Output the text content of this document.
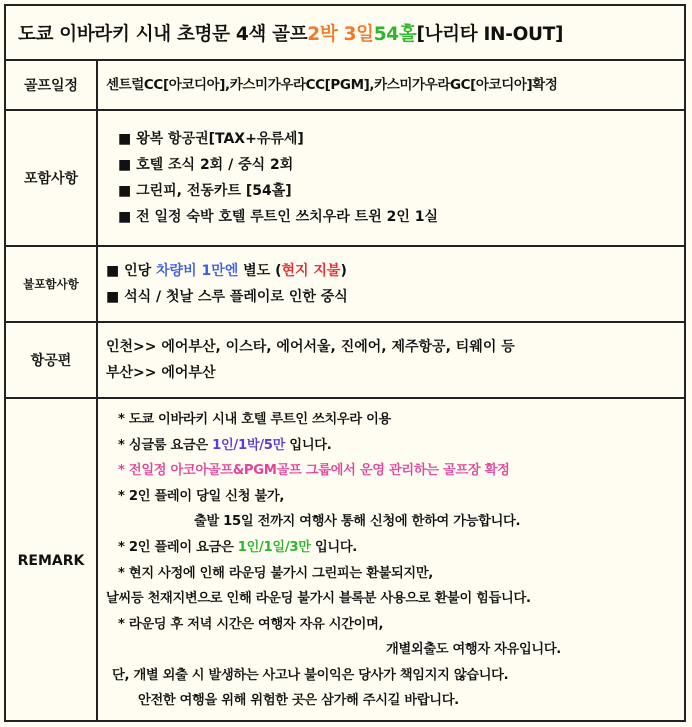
도쿄 이바라키 시내 초명문 4색 골프 2박 3일 54홀 [나리타 IN-OUT]
골프일정	센트럴CC[아코디아],카스미가우라CC[PGM],카스미가우라GC[아코디아]확정
포함사항
■ 왕복 항공권[TAX+유류세]
■ 호텔 조식 2회 / 중식 2회
■ 그린피, 전동카트 [54홀]
■ 전 일정 숙박 호텔 루트인 쓰치우라 트윈 2인 1실
불포함사항
■ 인당 차량비 1만엔 별도 (현지 지불)
■ 석식 / 첫날 스루 플레이로 인한 중식
항공편
인천>> 에어부산, 이스타, 에어서울, 진에어, 제주항공, 티웨이 등
부산>> 에어부산
REMARK
* 도쿄 이바라키 시내 호텔 루트인 쓰치우라 이용
* 싱글룸 요금은 1인/1박/5만 입니다.
* 전일정 아코아골프&PGM골프 그룹에서 운영 관리하는 골프장 확정
* 2인 플레이 당일 신청 불가,
출발 15일 전까지 여행사 통해 신청에 한하여 가능합니다.
* 2인 플레이 요금은 1인/1일/3만 입니다.
* 현지 사정에 인해 라운딩 불가시 그린피는 환불되지만,
날씨등 천재지변으로 인해 라운딩 불가시 블록분 사용으로 환불이 힘듭니다.
* 라운딩 후 저녁 시간은 여행자 자유 시간이며,
개별외출도 여행자 자유입니다.
단, 개별 외출 시 발생하는 사고나 불이익은 당사가 책임지지 않습니다.
안전한 여행을 위해 위험한 곳은 삼가해 주시길 바랍니다.
